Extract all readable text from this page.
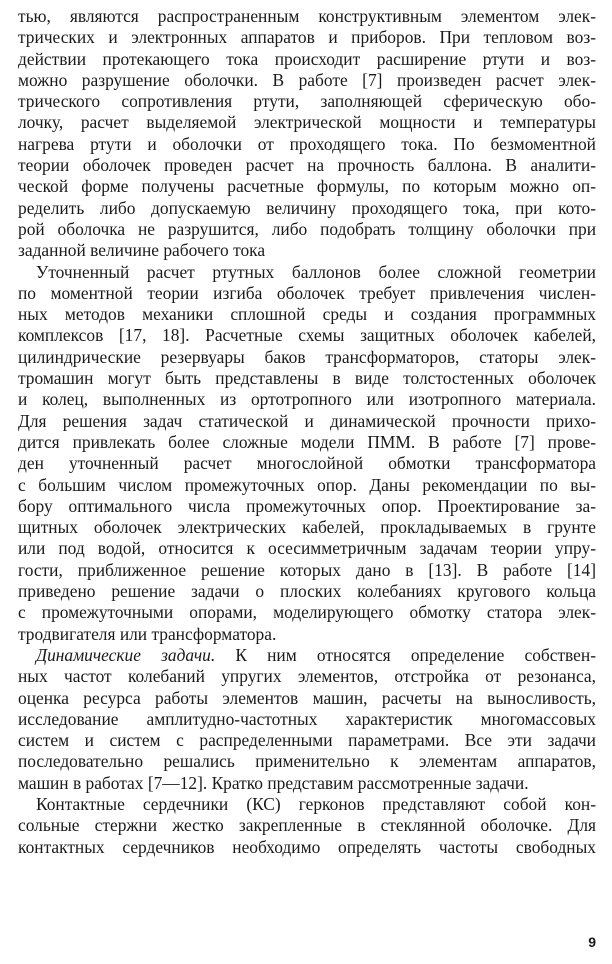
тью, являются распространенным конструктивным элементом элек-
трических и электронных аппаратов и приборов. При тепловом воз-
действии протекающего тока происходит расширение ртути и воз-
можно разрушение оболочки. В работе [7] произведен расчет элек-
трического сопротивления ртути, заполняющей сферическую обо-
лочку, расчет выделяемой электрической мощности и температуры
нагрева ртути и оболочки от проходящего тока. По безмоментной
теории оболочек проведен расчет на прочность баллона. В аналити-
ческой форме получены расчетные формулы, по которым можно оп-
ределить либо допускаемую величину проходящего тока, при кото-
рой оболочка не разрушится, либо подобрать толщину оболочки при
заданной величине рабочего тока
Уточненный расчет ртутных баллонов более сложной геометрии
по моментной теории изгиба оболочек требует привлечения числен-
ных методов механики сплошной среды и создания программных
комплексов [17, 18]. Расчетные схемы защитных оболочек кабелей,
цилиндрические резервуары баков трансформаторов, статоры элек-
тромашин могут быть представлены в виде толстостенных оболочек
и колец, выполненных из ортотропного или изотропного материала.
Для решения задач статической и динамической прочности прихо-
дится привлекать более сложные модели ПММ. В работе [7] прове-
ден уточненный расчет многослойной обмотки трансформатора
с большим числом промежуточных опор. Даны рекомендации по вы-
бору оптимального числа промежуточных опор. Проектирование за-
щитных оболочек электрических кабелей, прокладываемых в грунте
или под водой, относится к осесимметричным задачам теории упру-
гости, приближенное решение которых дано в [13]. В работе [14]
приведено решение задачи о плоских колебаниях кругового кольца
с промежуточными опорами, моделирующего обмотку статора элек-
тродвигателя или трансформатора.
Динамические задачи. К ним относятся определение собствен-
ных частот колебаний упругих элементов, отстройка от резонанса,
оценка ресурса работы элементов машин, расчеты на выносливость,
исследование амплитудно-частотных характеристик многомассовых
систем и систем с распределенными параметрами. Все эти задачи
последовательно решались применительно к элементам аппаратов,
машин в работах [7—12]. Кратко представим рассмотренные задачи.
Контактные сердечники (КС) герконов представляют собой кон-
сольные стержни жестко закрепленные в стеклянной оболочке. Для
контактных сердечников необходимо определять частоты свободных
9
